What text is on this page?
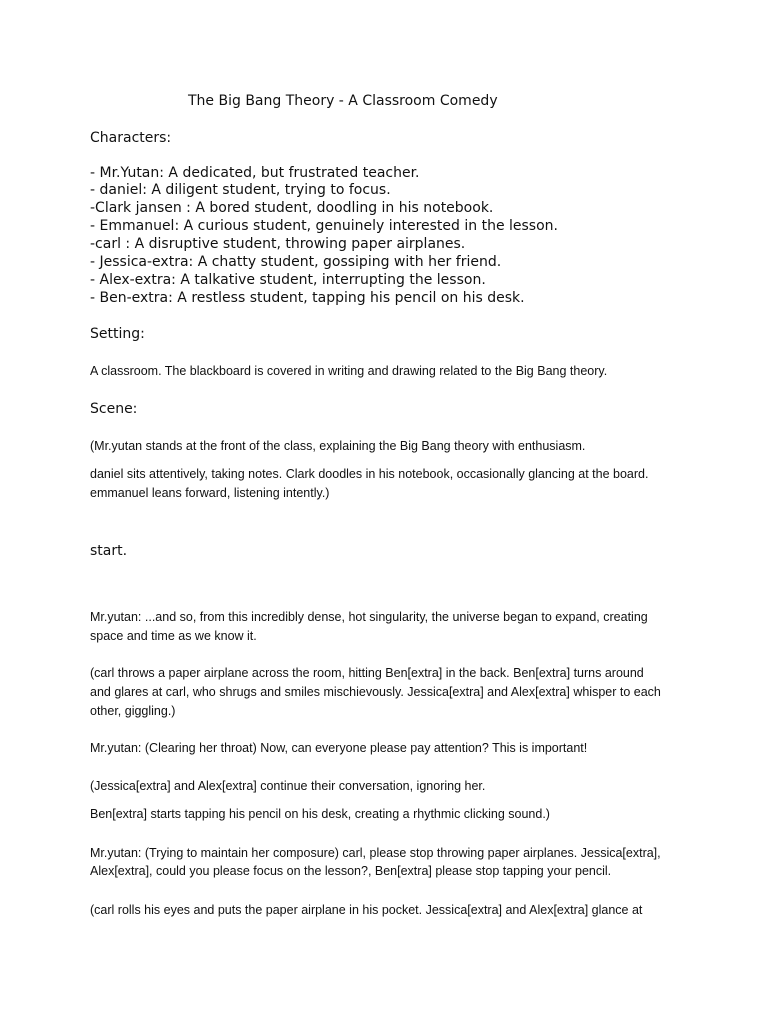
The Big Bang Theory - A Classroom Comedy
Characters:
- Mr.Yutan: A dedicated, but frustrated teacher.
- daniel: A diligent student, trying to focus.
-Clark jansen : A bored student, doodling in his notebook.
- Emmanuel: A curious student, genuinely interested in the lesson.
-carl : A disruptive student, throwing paper airplanes.
- Jessica-extra: A chatty student, gossiping with her friend.
- Alex-extra: A talkative student, interrupting the lesson.
- Ben-extra: A restless student, tapping his pencil on his desk.
Setting:
A classroom. The blackboard is covered in writing and drawing related to the Big Bang theory.
Scene:
(Mr.yutan stands at the front of the class, explaining the Big Bang theory with enthusiasm.
daniel sits attentively, taking notes. Clark doodles in his notebook, occasionally glancing at the board.
emmanuel leans forward, listening intently.)
start.
Mr.yutan: ...and so, from this incredibly dense, hot singularity, the universe began to expand, creating
space and time as we know it.
(carl throws a paper airplane across the room, hitting Ben[extra] in the back. Ben[extra] turns around
and glares at carl, who shrugs and smiles mischievously. Jessica[extra] and Alex[extra] whisper to each
other, giggling.)
Mr.yutan: (Clearing her throat) Now, can everyone please pay attention? This is important!
(Jessica[extra] and Alex[extra] continue their conversation, ignoring her.
Ben[extra] starts tapping his pencil on his desk, creating a rhythmic clicking sound.)
Mr.yutan: (Trying to maintain her composure) carl, please stop throwing paper airplanes. Jessica[extra],
Alex[extra], could you please focus on the lesson?, Ben[extra] please stop tapping your pencil.
(carl rolls his eyes and puts the paper airplane in his pocket. Jessica[extra] and Alex[extra] glance at
